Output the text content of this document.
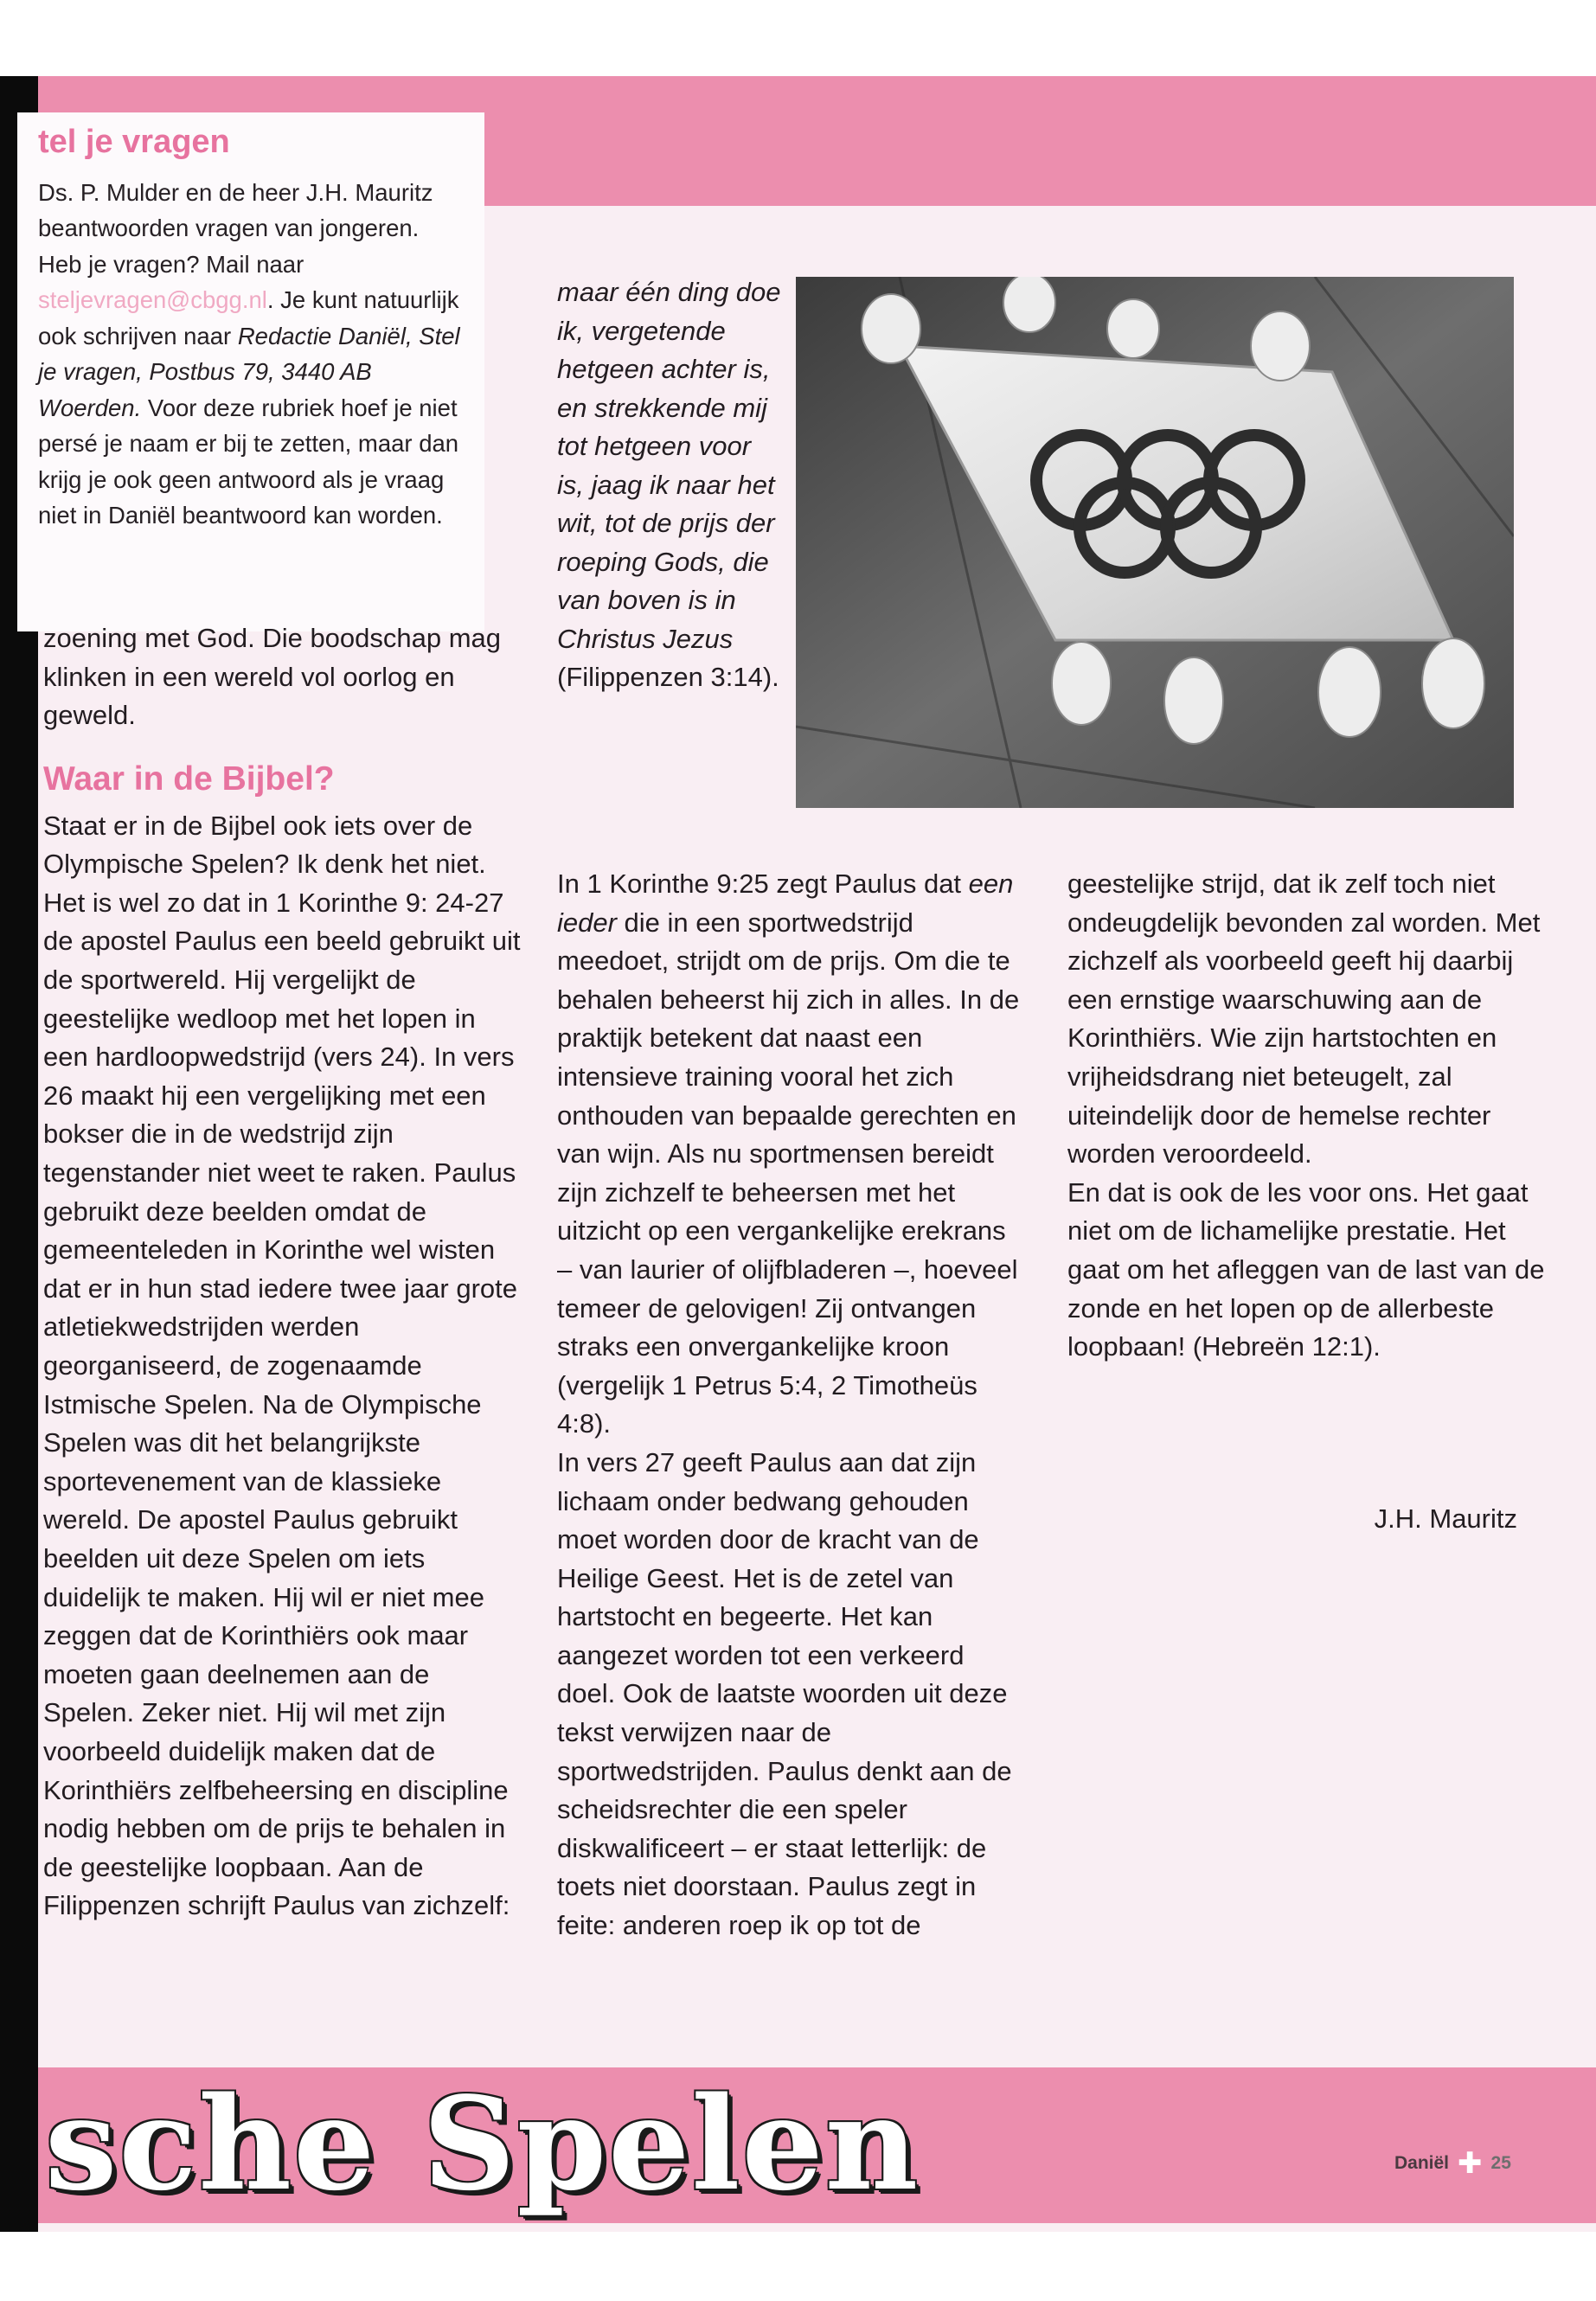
tel je vragen
Ds. P. Mulder en de heer J.H. Mauritz beantwoorden vragen van jongeren. Heb je vragen? Mail naar steljevragen@cbgg.nl. Je kunt natuurlijk ook schrijven naar Redactie Daniël, Stel je vragen, Postbus 79, 3440 AB Woerden. Voor deze rubriek hoef je niet persé je naam er bij te zetten, maar dan krijg je ook geen antwoord als je vraag niet in Daniël beantwoord kan worden.
maar één ding doe ik, vergetende hetgeen achter is, en strekkende mij tot hetgeen voor is, jaag ik naar het wit, tot de prijs der roeping Gods, die van boven is in Christus Jezus (Filippenzen 3:14).

zoening met God. Die boodschap mag klinken in een wereld vol oorlog en geweld.

Waar in de Bijbel?

Staat er in de Bijbel ook iets over de Olympische Spelen? Ik denk het niet. Het is wel zo dat in 1 Korinthe 9: 24-27 de apostel Paulus een beeld gebruikt uit de sportwereld. Hij vergelijkt de geestelijke wedloop met het lopen in een hardloopwedstrijd (vers 24). In vers 26 maakt hij een vergelijking met een bokser die in de wedstrijd zijn tegenstander niet weet te raken. Paulus gebruikt deze beelden omdat de gemeenteleden in Korinthe wel wisten dat er in hun stad iedere twee jaar grote atletiekwedstrijden werden georganiseerd, de zogenaamde Istmische Spelen. Na de Olympische Spelen was dit het belangrijkste sportevenement van de klassieke wereld. De apostel Paulus gebruikt beelden uit deze Spelen om iets duidelijk te maken. Hij wil er niet mee zeggen dat de Korinthiërs ook maar moeten gaan deelnemen aan de Spelen. Zeker niet. Hij wil met zijn voorbeeld duidelijk maken dat de Korinthiërs zelfbeheersing en discipline nodig hebben om de prijs te behalen in de geestelijke loopbaan. Aan de Filippenzen schrijft Paulus van zichzelf:

In 1 Korinthe 9:25 zegt Paulus dat een ieder die in een sportwedstrijd meedoet, strijdt om de prijs. Om die te behalen beheerst hij zich in alles. In de praktijk betekent dat naast een intensieve training vooral het zich onthouden van bepaalde gerechten en van wijn. Als nu sportmensen bereidt zijn zichzelf te beheersen met het uitzicht op een vergankelijke erekrans – van laurier of olijfbladeren –, hoeveel temeer de gelovigen! Zij ontvangen straks een onvergankelijke kroon (vergelijk 1 Petrus 5:4, 2 Timotheüs 4:8).

In vers 27 geeft Paulus aan dat zijn lichaam onder bedwang gehouden moet worden door de kracht van de Heilige Geest. Het is de zetel van hartstocht en begeerte. Het kan aangezet worden tot een verkeerd doel. Ook de laatste woorden uit deze tekst verwijzen naar de sportwedstrijden. Paulus denkt aan de scheidsrechter die een speler diskwalificeert – er staat letterlijk: de toets niet doorstaan. Paulus zegt in feite: anderen roep ik op tot de

geestelijke strijd, dat ik zelf toch niet ondeugdelijk bevonden zal worden. Met zichzelf als voorbeeld geeft hij daarbij een ernstige waarschuwing aan de Korinthiërs. Wie zijn hartstochten en vrijheidsdrang niet beteugelt, zal uiteindelijk door de hemelse rechter worden veroordeeld.

En dat is ook de les voor ons. Het gaat niet om de lichamelijke prestatie. Het gaat om het afleggen van de last van de zonde en het lopen op de allerbeste loopbaan! (Hebreën 12:1).

J.H. Mauritz
sche Spelen	Daniël ✚ 25
